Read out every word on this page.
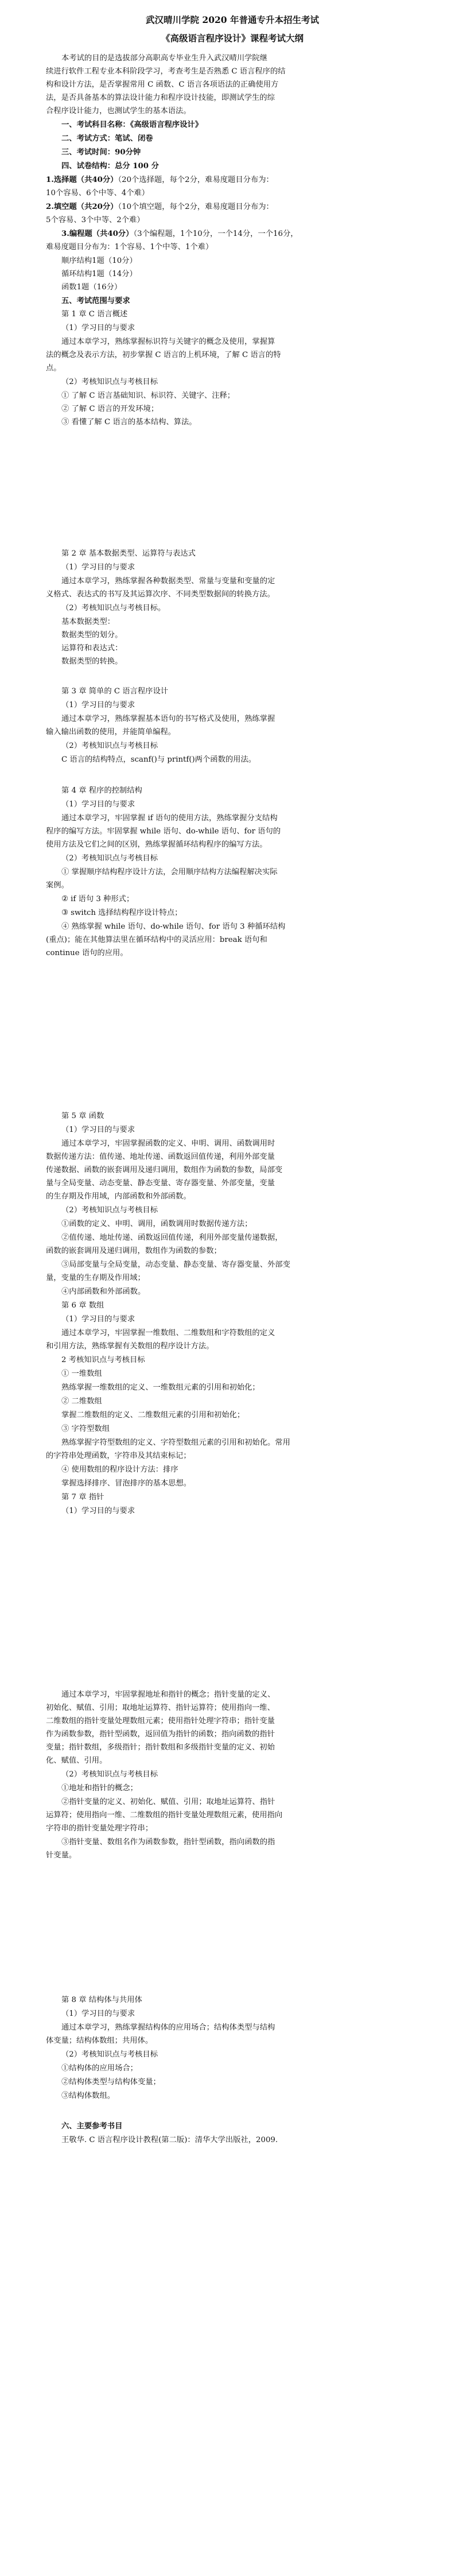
武汉晴川学院 2020 年普通专升本招生考试
《高级语言程序设计》课程考试大纲
本考试的目的是选拔部分高职高专毕业生升入武汉晴川学院继
续进行软件工程专业本科阶段学习，考查考生是否熟悉 C 语言程序的结
构和设计方法，是否掌握常用 C 函数、C 语言各项语法的正确使用方
法，是否具备基本的算法设计能力和程序设计技能，即测试学生的综
合程序设计能力，也测试学生的基本语法。
一、考试科目名称：《高级语言程序设计》
二、考试方式：笔试、闭卷
三、考试时间：90分钟
四、试卷结构：总分 100 分
1.选择题（共40分）（20个选择题，每个2分，难易度题目分布为：
10个容易、6个中等、4个难）
2.填空题（共20分）（10个填空题，每个2分，难易度题目分布为：
5个容易、3个中等、2个难）
3.编程题（共40分）（3个编程题，1个10分，一个14分，一个16分，
难易度题目分布为：1个容易、1个中等、1个难）
顺序结构1题（10分）
循环结构1题（14分）
函数1题（16分）
五、考试范围与要求
第 1 章 C 语言概述
（1）学习目的与要求
通过本章学习，熟练掌握标识符与关键字的概念及使用，掌握算
法的概念及表示方法，初步掌握 C 语言的上机环境，了解 C 语言的特
点。
（2）考核知识点与考核目标
① 了解 C 语言基础知识、标识符、关键字、注释；
② 了解 C 语言的开发环境；
③ 看懂了解 C 语言的基本结构、算法。
第 2 章 基本数据类型、运算符与表达式
（1）学习目的与要求
通过本章学习，熟练掌握各种数据类型、常量与变量和变量的定
义格式、表达式的书写及其运算次序、不同类型数据间的转换方法。
（2）考核知识点与考核目标。
基本数据类型：
数据类型的划分。
运算符和表达式：
数据类型的转换。
第 3 章 简单的 C 语言程序设计
（1）学习目的与要求
通过本章学习，熟练掌握基本语句的书写格式及使用，熟练掌握
输入输出函数的使用，并能简单编程。
（2）考核知识点与考核目标
C 语言的结构特点，scanf()与 printf()两个函数的用法。
第 4 章 程序的控制结构
（1）学习目的与要求
通过本章学习，牢固掌握 if 语句的使用方法，熟练掌握分支结构
程序的编写方法。牢固掌握 while 语句、do-while 语句、for 语句的
使用方法及它们之间的区别，熟练掌握循环结构程序的编写方法。
（2）考核知识点与考核目标
① 掌握顺序结构程序设计方法，会用顺序结构方法编程解决实际
案例。
② if 语句 3 种形式；
③ switch 选择结构程序设计特点；
④ 熟练掌握 while 语句、do-while 语句、for 语句 3 种循环结构
(重点)；能在其他算法里在循环结构中的灵活应用：break 语句和
continue 语句的应用。
第 5 章 函数
（1）学习目的与要求
通过本章学习，牢固掌握函数的定义、申明、调用、函数调用时
数据传递方法：值传递、地址传递、函数返回值传递，利用外部变量
传递数据、函数的嵌套调用及递归调用，数组作为函数的参数，局部变
量与全局变量、动态变量、静态变量、寄存器变量、外部变量，变量
的生存期及作用域，内部函数和外部函数。
（2）考核知识点与考核目标
①函数的定义、申明、调用，函数调用时数据传递方法；
②值传递、地址传递、函数返回值传递，利用外部变量传递数据，
函数的嵌套调用及递归调用，数组作为函数的参数；
③局部变量与全局变量，动态变量、静态变量、寄存器变量、外部变
量，变量的生存期及作用域；
④内部函数和外部函数。
第 6 章 数组
（1）学习目的与要求
通过本章学习，牢固掌握一维数组、二维数组和字符数组的定义
和引用方法，熟练掌握有关数组的程序设计方法。
2 考核知识点与考核目标
① 一维数组
熟练掌握一维数组的定义、一维数组元素的引用和初始化；
② 二维数组
掌握二维数组的定义、二维数组元素的引用和初始化；
③ 字符型数组
熟练掌握字符型数组的定义、字符型数组元素的引用和初始化。常用
的字符串处理函数，字符串及其结束标记；
④ 使用数组的程序设计方法：排序
掌握选择排序、冒泡排序的基本思想。
第 7 章 指针
（1）学习目的与要求
通过本章学习，牢固掌握地址和指针的概念；指针变量的定义、
初始化、赋值、引用；取地址运算符、指针运算符；使用指向一维、
二维数组的指针变量处理数组元素；使用指针处理字符串；指针变量
作为函数参数，指针型函数，返回值为指针的函数；指向函数的指针
变量；指针数组，多级指针；指针数组和多级指针变量的定义、初始
化、赋值、引用。
（2）考核知识点与考核目标
①地址和指针的概念；
②指针变量的定义、初始化、赋值、引用；取地址运算符、指针
运算符；使用指向一维、二维数组的指针变量处理数组元素，使用指向
字符串的指针变量处理字符串；
③指针变量、数组名作为函数参数，指针型函数，指向函数的指
针变量。
第 8 章 结构体与共用体
（1）学习目的与要求
通过本章学习，熟练掌握结构体的应用场合；结构体类型与结构
体变量；结构体数组；共用体。
（2）考核知识点与考核目标
①结构体的应用场合；
②结构体类型与结构体变量；
③结构体数组。
六、主要参考书目
王敬华. C 语言程序设计教程(第二版)：清华大学出版社，2009.
